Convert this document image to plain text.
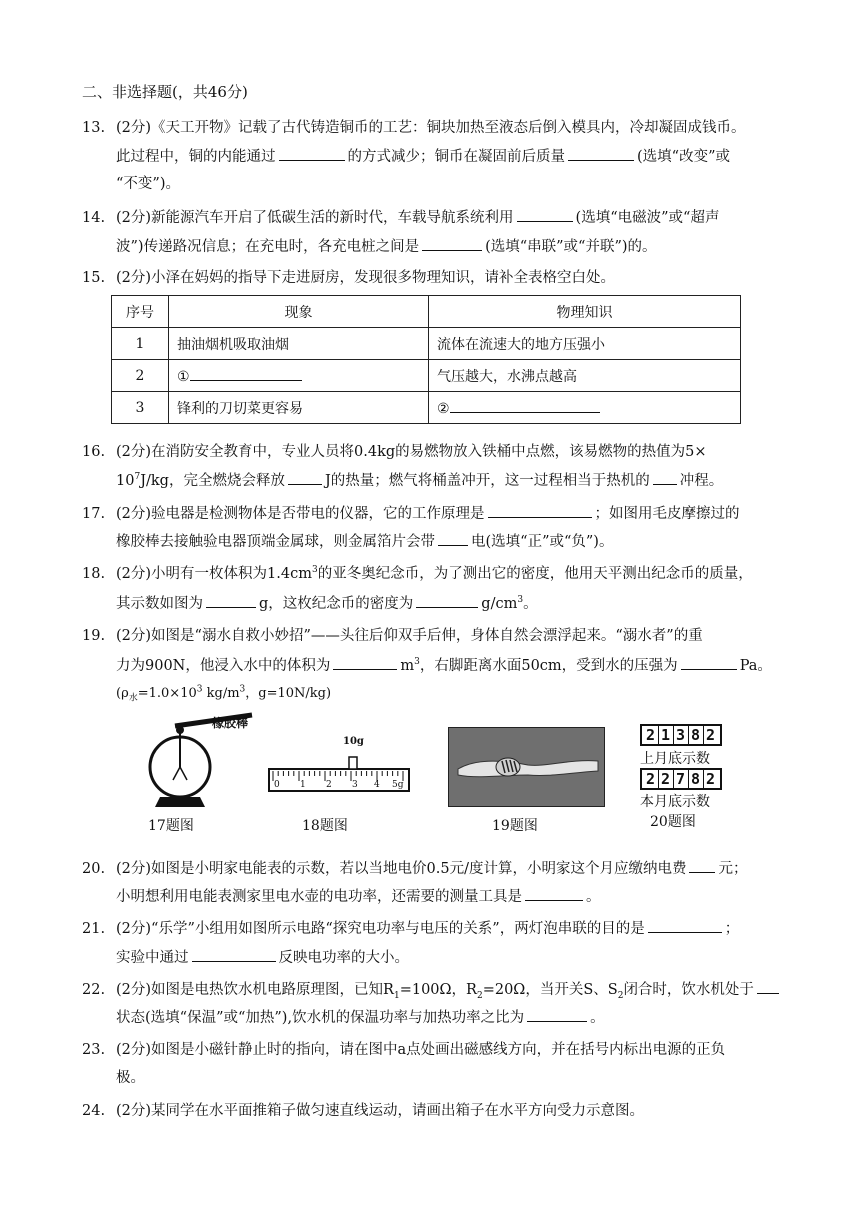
二、非选择题(，共46分)
13. (2分)《天工开物》记载了古代铸造铜币的工艺：铜块加热至液态后倒入模具内，冷却凝固成钱币。
此过程中，铜的内能通过	的方式减少；铜币在凝固前后质量	(选填“改变”或
“不变”)。
14. (2分)新能源汽车开启了低碳生活的新时代，车载导航系统利用	(选填“电磁波”或“超声
波”)传递路况信息；在充电时，各充电桩之间是	(选填“串联”或“并联”)的。
15. (2分)小泽在妈妈的指导下走进厨房，发现很多物理知识，请补全表格空白处。
序号	现象	物理知识
1	抽油烟机吸取油烟	流体在流速大的地方压强小
2	①	气压越大，水沸点越高
3	锋利的刀切菜更容易	②
16. (2分)在消防安全教育中，专业人员将0.4kg的易燃物放入铁桶中点燃，该易燃物的热值为5×
$10^7J/kg$，完全燃烧会释放	J的热量；燃气将桶盖冲开，这一过程相当于热机的 冲程。
17. (2分)验电器是检测物体是否带电的仪器，它的工作原理是	；如图用毛皮摩擦过的
橡胶棒去接触验电器顶端金属球，则金属箔片会带 电(选填“正”或“负”)。
18. (2分)小明有一枚体积为$1.4cm^3$的亚冬奥纪念币，为了测出它的密度，他用天平测出纪念币的质量，
其示数如图为	g，这枚纪念币的密度为	$g/cm^3$。
19. (2分)如图是“溺水自救小妙招”——头往后仰双手后伸，身体自然会漂浮起来。“溺水者”的重
力为900N，他浸入水中的体积为	$m^3$，右脚距离水面50cm，受到水的压强为	Pa。
($\rho_水=1.0\times 10^3$ $kg/m^3$，g=10N/kg)
橡胶棒
17题图
10g
0 1 2 3 4 5g
18题图	19题图
2 1 3 8 2
上月底示数
2 2 7 8 2
本月底示数
20题图
20. (2分)如图是小明家电能表的示数，若以当地电价0.5元/度计算，小明家这个月应缴纳电费 元；
小明想利用电能表测家里电水壶的电功率，还需要的测量工具是	。
21. (2分)“乐学”小组用如图所示电路“探究电功率与电压的关系”，两灯泡串联的目的是	；
实验中通过	反映电功率的大小。
22. (2分)如图是电热饮水机电路原理图，已知$R_1=100\Omega$，$R_2=20\Omega$，当开关S、$S_2$闭合时，饮水机处于
状态(选填“保温”或“加热”),饮水机的保温功率与加热功率之比为	。
23. (2分)如图是小磁针静止时的指向，请在图中a点处画出磁感线方向，并在括号内标出电源的正负
极。
24. (2分)某同学在水平面推箱子做匀速直线运动，请画出箱子在水平方向受力示意图。
